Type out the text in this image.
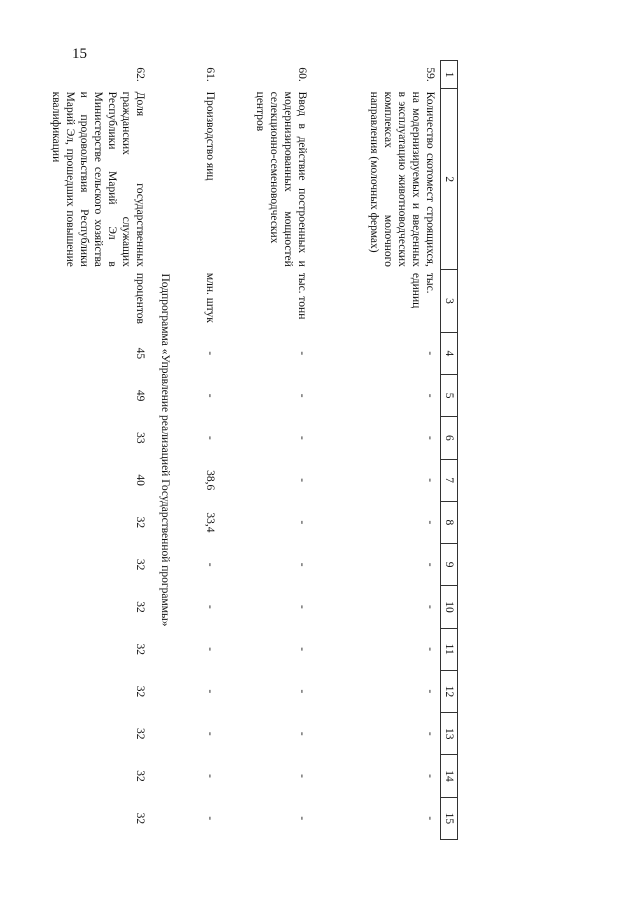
15
1	2	3	4	5	6	7	8	9	10	11	12	13	14	15
59.	Количество скотомест строящихся, на модернизируемых и введенных в эксплуатацию животноводческих комплексах молочного направления (молочных фермах)	тыс. единиц	-	-	-	-	-	-	-	-	-	-	-	-
60.	Ввод в действие построенных и модернизированных мощностей селекционно-семеноводческих центров	тыс. тонн	-	-	-	-	-	-	-	-	-	-	-	-
61.	Производство яиц	млн. штук	-	-	-	38,6	33,4	-	-	-	-	-	-	-
Подпрограмма «Управление реализацией Государственной программы»														
62.	Доля государственных гражданских служащих Республики Марий Эл в Министерстве сельского хозяйства и продовольствия Республики Марий Эл, прошедших повышение квалификации	процентов	45	49	33	40	32	32	32	32	32	32	32	32
